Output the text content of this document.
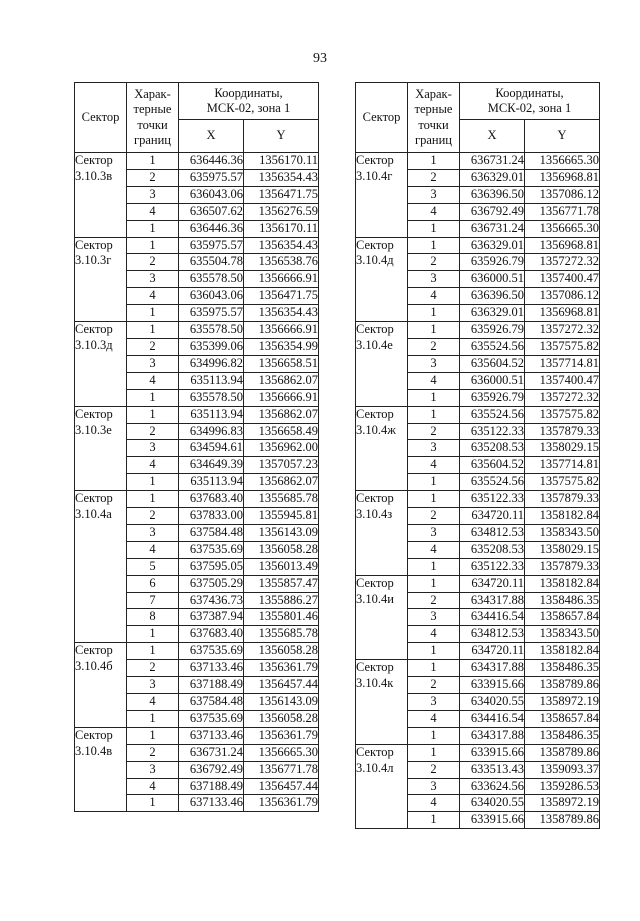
93
Сектор	Харак-
терные
точки
границ	Координаты,
МСК-02, зона 1	
		X	Y

Сектор
3.10.3в	1	636446.36	1356170.11
	2	635975.57	1356354.43
	3	636043.06	1356471.75
	4	636507.62	1356276.59
	1	636446.36	1356170.11

Сектор
3.10.3г	1	635975.57	1356354.43
	2	635504.78	1356538.76
	3	635578.50	1356666.91
	4	636043.06	1356471.75
	1	635975.57	1356354.43

Сектор
3.10.3д	1	635578.50	1356666.91
	2	635399.06	1356354.99
	3	634996.82	1356658.51
	4	635113.94	1356862.07
	1	635578.50	1356666.91

Сектор
3.10.3е	1	635113.94	1356862.07
	2	634996.83	1356658.49
	3	634594.61	1356962.00
	4	634649.39	1357057.23
	1	635113.94	1356862.07

Сектор
3.10.4а	1	637683.40	1355685.78
	2	637833.00	1355945.81
	3	637584.48	1356143.09
	4	637535.69	1356058.28
	5	637595.05	1356013.49
	6	637505.29	1355857.47
	7	637436.73	1355886.27
	8	637387.94	1355801.46
	1	637683.40	1355685.78

Сектор
3.10.4б	1	637535.69	1356058.28
	2	637133.46	1356361.79
	3	637188.49	1356457.44
	4	637584.48	1356143.09
	1	637535.69	1356058.28

Сектор
3.10.4в	1	637133.46	1356361.79
	2	636731.24	1356665.30
	3	636792.49	1356771.78
	4	637188.49	1356457.44
	1	637133.46	1356361.79
Сектор	Харак-
терные
точки
границ	Координаты,
МСК-02, зона 1	
		X	Y

Сектор
3.10.4г	1	636731.24	1356665.30
	2	636329.01	1356968.81
	3	636396.50	1357086.12
	4	636792.49	1356771.78
	1	636731.24	1356665.30

Сектор
3.10.4д	1	636329.01	1356968.81
	2	635926.79	1357272.32
	3	636000.51	1357400.47
	4	636396.50	1357086.12
	1	636329.01	1356968.81

Сектор
3.10.4е	1	635926.79	1357272.32
	2	635524.56	1357575.82
	3	635604.52	1357714.81
	4	636000.51	1357400.47
	1	635926.79	1357272.32

Сектор
3.10.4ж	1	635524.56	1357575.82
	2	635122.33	1357879.33
	3	635208.53	1358029.15
	4	635604.52	1357714.81
	1	635524.56	1357575.82

Сектор
3.10.4з	1	635122.33	1357879.33
	2	634720.11	1358182.84
	3	634812.53	1358343.50
	4	635208.53	1358029.15
	1	635122.33	1357879.33

Сектор
3.10.4и	1	634720.11	1358182.84
	2	634317.88	1358486.35
	3	634416.54	1358657.84
	4	634812.53	1358343.50
	1	634720.11	1358182.84

Сектор
3.10.4к	1	634317.88	1358486.35
	2	633915.66	1358789.86
	3	634020.55	1358972.19
	4	634416.54	1358657.84
	1	634317.88	1358486.35

Сектор
3.10.4л	1	633915.66	1358789.86
	2	633513.43	1359093.37
	3	633624.56	1359286.53
	4	634020.55	1358972.19
	1	633915.66	1358789.86
